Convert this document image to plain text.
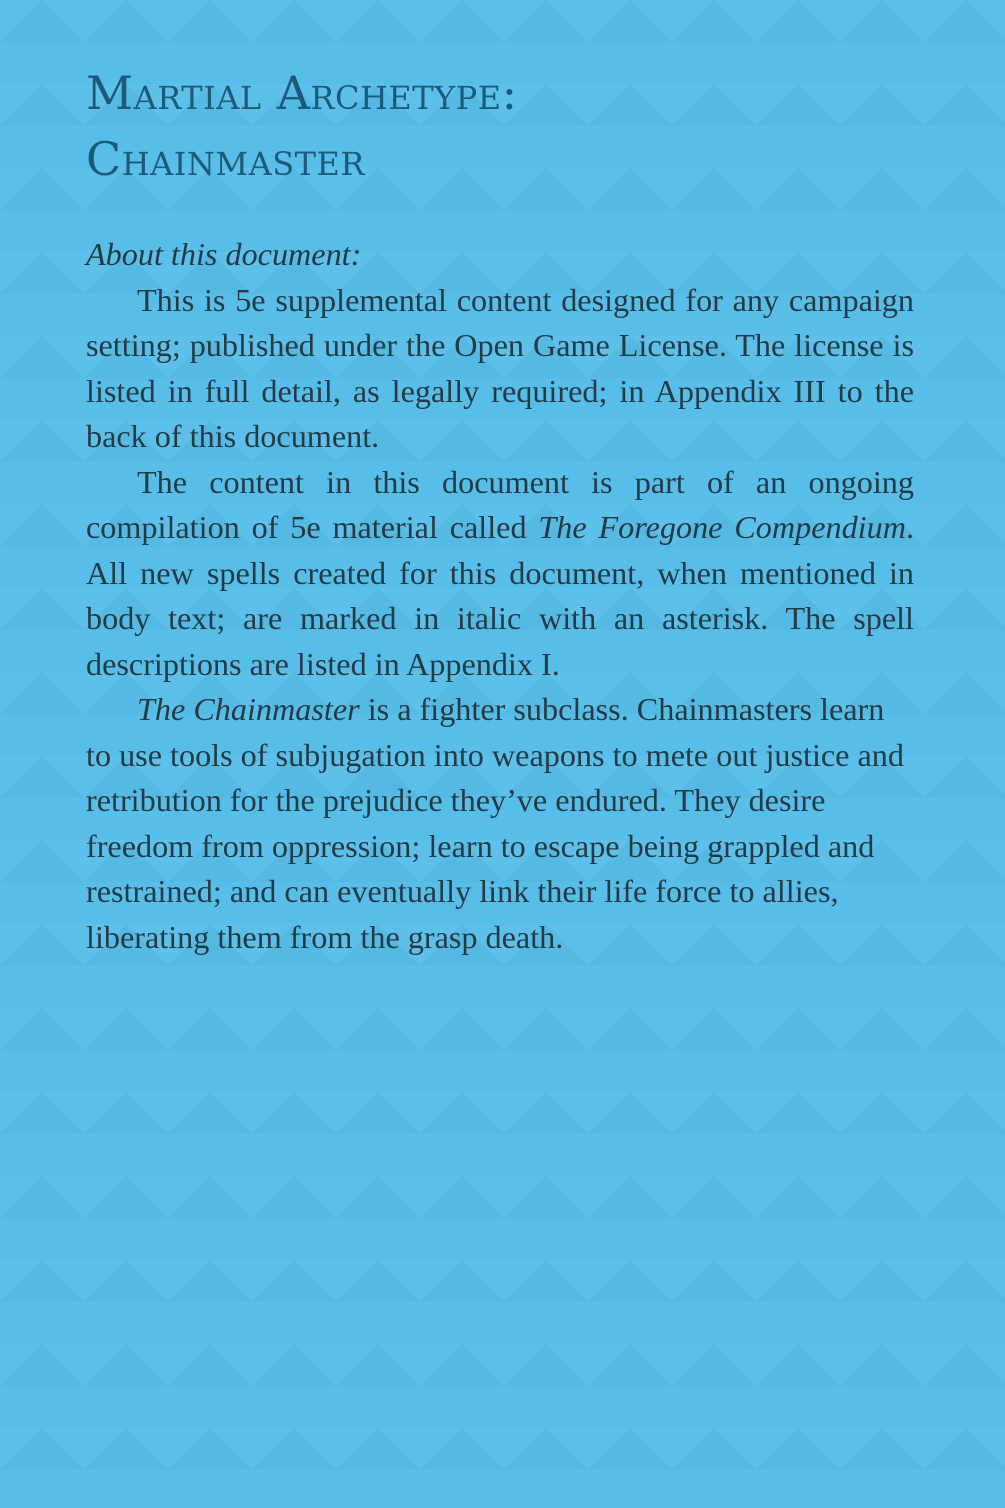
Martial Archetype:
Chainmaster

About this document:

This is 5e supplemental content designed for any campaign setting; published under the Open Game License. The license is listed in full detail, as legally required; in Appendix III to the back of this document.

The content in this document is part of an ongoing compilation of 5e material called The Foregone Compendium. All new spells created for this document, when mentioned in body text; are marked in italic with an asterisk. The spell descriptions are listed in Appendix I.

The Chainmaster is a fighter subclass. Chainmasters learn to use tools of subjugation into weapons to mete out justice and retribution for the prejudice they’ve endured. They desire freedom from oppression; learn to escape being grappled and restrained; and can eventually link their life force to allies, liberating them from the grasp death.
